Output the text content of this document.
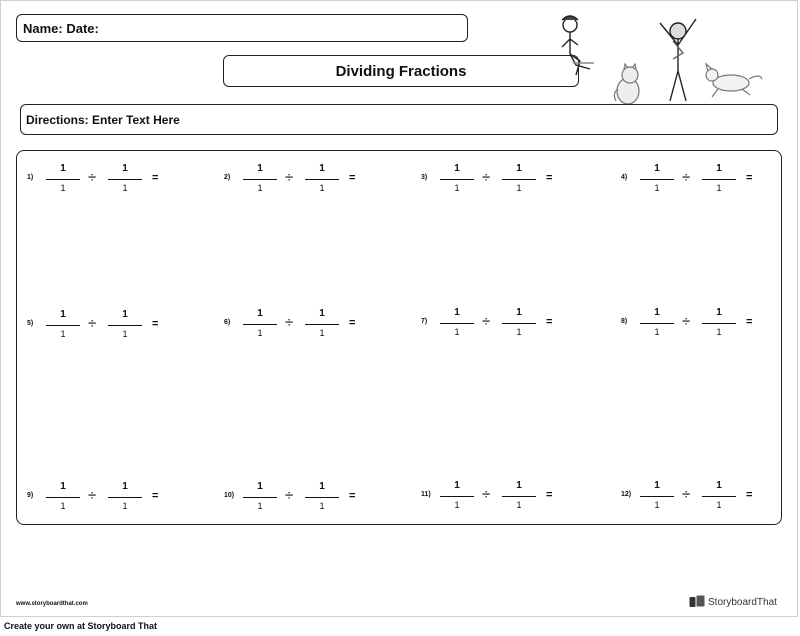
Name: Date:
Dividing Fractions
Directions: Enter Text Here
1)
1
1
÷
1
1
=	2)
1
1
÷
1
1
=	3)
1
1
÷
1
1
=	4)
1
1
÷
1
1
=
5)
1
1
÷
1
1
=	6)
1
1
÷
1
1
=	7)
1
1
÷
1
1
=	8)
1
1
÷
1
1
=
9)
1
1
÷
1
1
=	10)
1
1
÷
1
1
=	11)
1
1
÷
1
1
=	12)
1
1
÷
1
1
=
www.storyboardthat.com	StoryboardThat
Create your own at Storyboard That
